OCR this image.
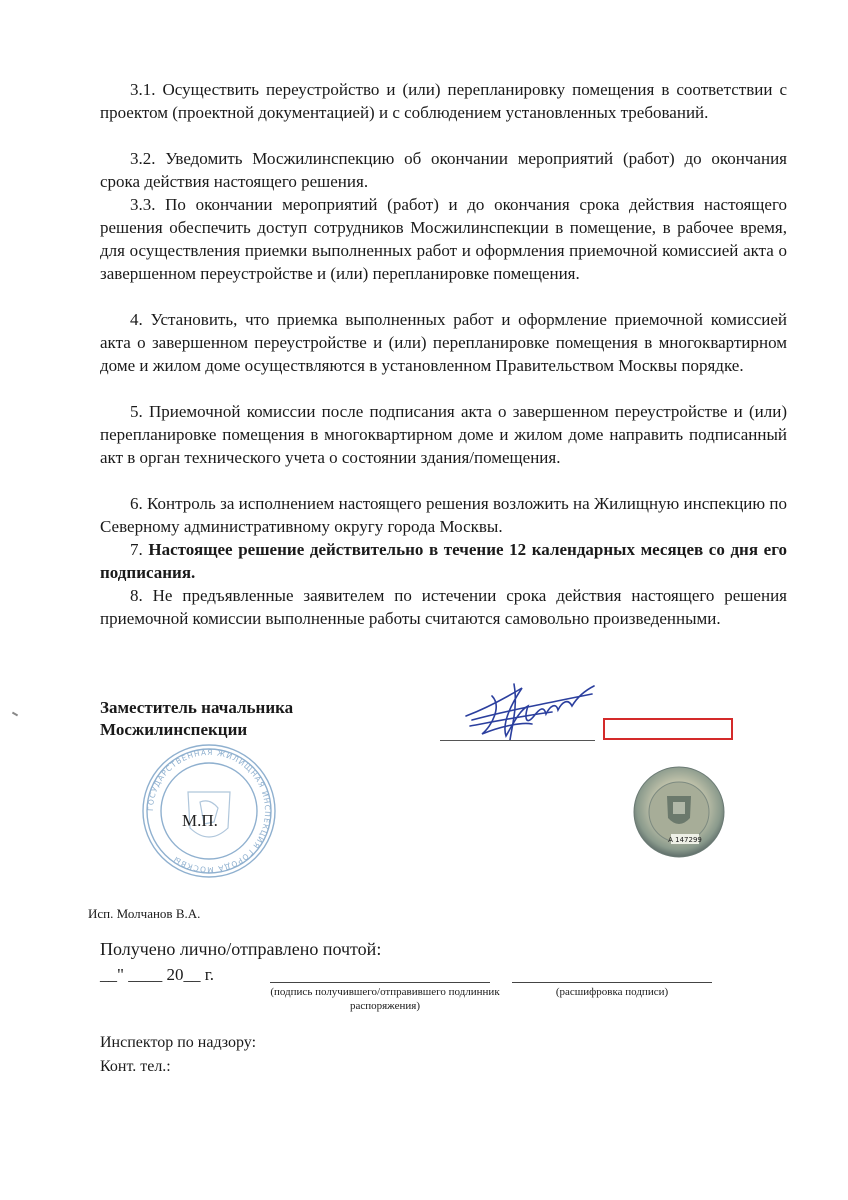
3.1. Осуществить переустройство и (или) перепланировку помещения в соответствии с проектом (проектной документацией) и с соблюдением установленных требований.

3.2. Уведомить Мосжилинспекцию об окончании мероприятий (работ) до окончания срока действия настоящего решения.

3.3. По окончании мероприятий (работ) и до окончания срока действия настоящего решения обеспечить доступ сотрудников Мосжилинспекции в помещение, в рабочее время, для осуществления приемки выполненных работ и оформления приемочной комиссией акта о завершенном переустройстве и (или) перепланировке помещения.

4. Установить, что приемка выполненных работ и оформление приемочной комиссией акта о завершенном переустройстве и (или) перепланировке помещения в многоквартирном доме и жилом доме осуществляются в установленном Правительством Москвы порядке.

5. Приемочной комиссии после подписания акта о завершенном переустройстве и (или) перепланировке помещения в многоквартирном доме и жилом доме направить подписанный акт в орган технического учета о состоянии здания/помещения.

6. Контроль за исполнением настоящего решения возложить на Жилищную инспекцию по Северному административному округу города Москвы.

7. Настоящее решение действительно в течение 12 календарных месяцев со дня его подписания.

8. Не предъявленные заявителем по истечении срока действия настоящего решения приемочной комиссии выполненные работы считаются самовольно произведенными.

Заместитель начальника
Мосжилинспекции
ГОСУДАРСТВЕННАЯ ЖИЛИЩНАЯ ИНСПЕКЦИЯ ГОРОДА МОСКВЫ
М.П.
А 147299
Исп. Молчанов В.А.
Получено лично/отправлено почтой:
__" ____ 20__ г.
(подпись получившего/отправившего подлинник распоряжения)
(расшифровка подписи)
Инспектор по надзору:
Конт. тел.:
